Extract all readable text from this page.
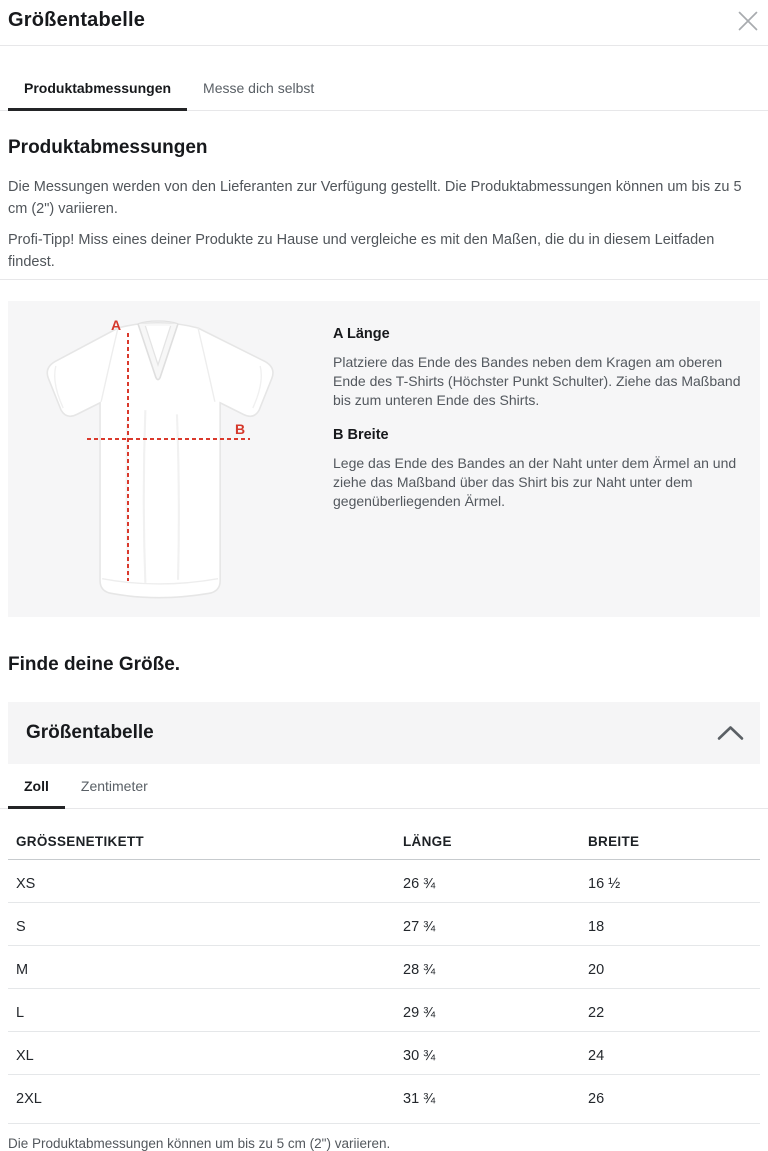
Größentabelle
Produktabmessungen	Messe dich selbst
Produktabmessungen

Die Messungen werden von den Lieferanten zur Verfügung gestellt. Die Produktabmessungen können um bis zu 5 cm (2") variieren.

Profi-Tipp! Miss eines deiner Produkte zu Hause und vergleiche es mit den Maßen, die du in diesem Leitfaden findest.

A
B
A Länge

Platziere das Ende des Bandes neben dem Kragen am oberen Ende des T-Shirts (Höchster Punkt Schulter). Ziehe das Maßband bis zum unteren Ende des Shirts.

B Breite

Lege das Ende des Bandes an der Naht unter dem Ärmel an und ziehe das Maßband über das Shirt bis zur Naht unter dem gegenüberliegenden Ärmel.

Finde deine Größe.
Größentabelle
Zoll	Zentimeter
GRÖSSENETIKETT	LÄNGE	BREITE
XS	26 ¾	16 ½
S	27 ¾	18
M	28 ¾	20
L	29 ¾	22
XL	30 ¾	24
2XL	31 ¾	26

Die Produktabmessungen können um bis zu 5 cm (2") variieren.
